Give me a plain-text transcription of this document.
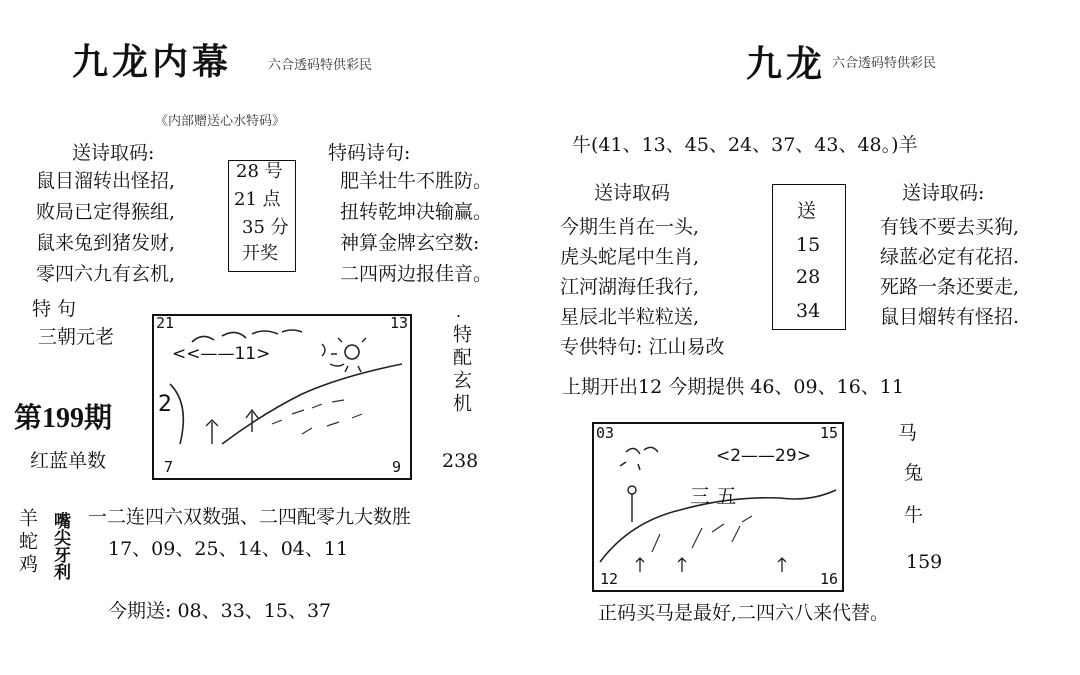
九龙内幕	六合透码特供彩民
《内部赠送心水特码》
送诗取码:
鼠目溜转出怪招,
败局已定得猴组,
鼠来兔到猪发财,
零四六九有玄机,
28 号
21 点
35 分
开奖
特码诗句:
肥羊壮牛不胜防。
扭转乾坤决输赢。
神算金牌玄空数:
二四两边报佳音。
特 句
三朝元老
第199期
红蓝单数	238
特配玄机
.
21	13
7	9
<<——11>
2
羊蛇鸡 嘴尖牙利 一二连四六双数强、二四配零九大数胜
17、09、25、14、04、11
今期送: 08、33、15、37
九龙 六合透码特供彩民
牛(41、13、45、24、37、43、48。)羊
送诗取码
今期生肖在一头,
虎头蛇尾中生肖,
江河湖海任我行,
星辰北半粒粒送,
专供特句: 江山易改
送
15
28
34
送诗取码:
有钱不要去买狗,
绿蓝必定有花招.
死路一条还要走,
鼠目熘转有怪招.
上期开出12 今期提供 46、09、16、11
03	15
12	16
<2——29>
三 五
马
兔
牛
159
正码买马是最好,二四六八来代替。
